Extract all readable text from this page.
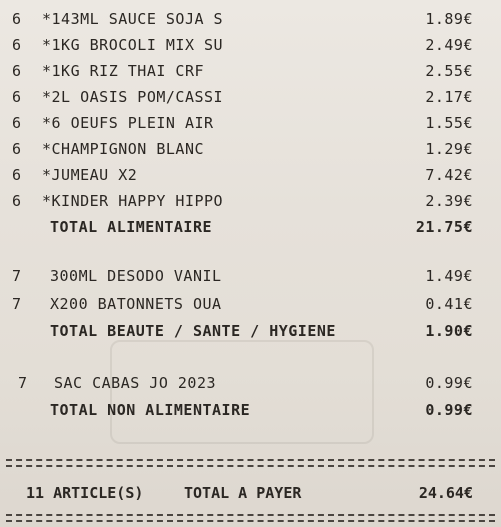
6 *143ML SAUCE SOJA S	1.89€
6 *1KG BROCOLI MIX SU	2.49€
6 *1KG RIZ THAI CRF	2.55€
6 *2L OASIS POM/CASSI	2.17€
6 *6 OEUFS PLEIN AIR	1.55€
6 *CHAMPIGNON BLANC	1.29€
6 *JUMEAU X2	7.42€
6 *KINDER HAPPY HIPPO	2.39€
TOTAL ALIMENTAIRE	21.75€
7 300ML DESODO VANIL	1.49€
7 X200 BATONNETS OUA	0.41€
TOTAL BEAUTE / SANTE / HYGIENE	1.90€
7 SAC CABAS JO 2023	0.99€
TOTAL NON ALIMENTAIRE	0.99€
11 ARTICLE(S)	TOTAL A PAYER	24.64€
